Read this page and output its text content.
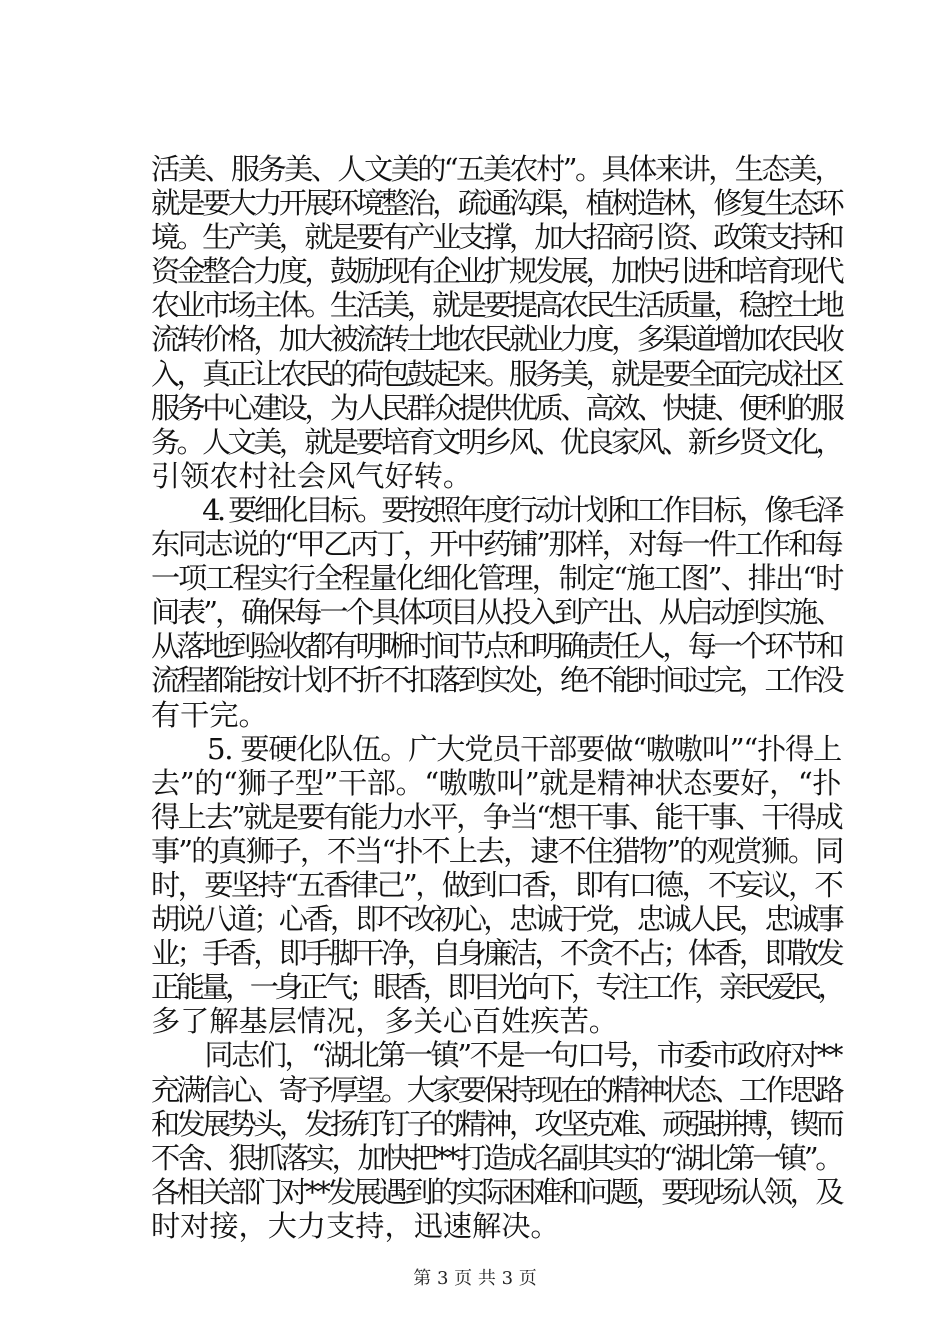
活美、服务美、人文美的“五美农村”。具体来讲，生态美，
就是要大力开展环境整治，疏通沟渠，植树造林，修复生态环
境。生产美，就是要有产业支撑，加大招商引资、政策支持和
资金整合力度，鼓励现有企业扩规发展，加快引进和培育现代
农业市场主体。生活美，就是要提高农民生活质量，稳控土地
流转价格，加大被流转土地农民就业力度，多渠道增加农民收
入，真正让农民的荷包鼓起来。服务美，就是要全面完成社区
服务中心建设，为人民群众提供优质、高效、快捷、便利的服
务。人文美，就是要培育文明乡风、优良家风、新乡贤文化，
引领农村社会风气好转。
　　4. 要细化目标。要按照年度行动计划和工作目标，像毛泽
东同志说的“甲乙丙丁，开中药铺”那样，对每一件工作和每
一项工程实行全程量化细化管理，制定“施工图”、排出“时
间表”，确保每一个具体项目从投入到产出、从启动到实施、
从落地到验收都有明晰时间节点和明确责任人，每一个环节和
流程都能按计划不折不扣落到实处，绝不能时间过完，工作没
有干完。
　　5. 要硬化队伍。广大党员干部要做“嗷嗷叫”“扑得上
去”的“狮子型”干部。“嗷嗷叫”就是精神状态要好，“扑
得上去”就是要有能力水平，争当“想干事、能干事、干得成
事”的真狮子，不当“扑不上去，逮不住猎物”的观赏狮。同
时，要坚持“五香律己”，做到口香，即有口德，不妄议，不
胡说八道；心香，即不改初心，忠诚于党，忠诚人民，忠诚事
业；手香，即手脚干净，自身廉洁，不贪不占；体香，即散发
正能量，一身正气；眼香，即目光向下，专注工作，亲民爱民，
多了解基层情况，多关心百姓疾苦。
　　同志们，“湖北第一镇”不是一句口号，市委市政府对**
充满信心、寄予厚望。大家要保持现在的精神状态、工作思路
和发展势头，发扬钉钉子的精神，攻坚克难、顽强拼搏，锲而
不舍、狠抓落实，加快把**打造成名副其实的“湖北第一镇”。
各相关部门对**发展遇到的实际困难和问题，要现场认领，及
时对接，大力支持，迅速解决。
第 3 页 共 3 页
